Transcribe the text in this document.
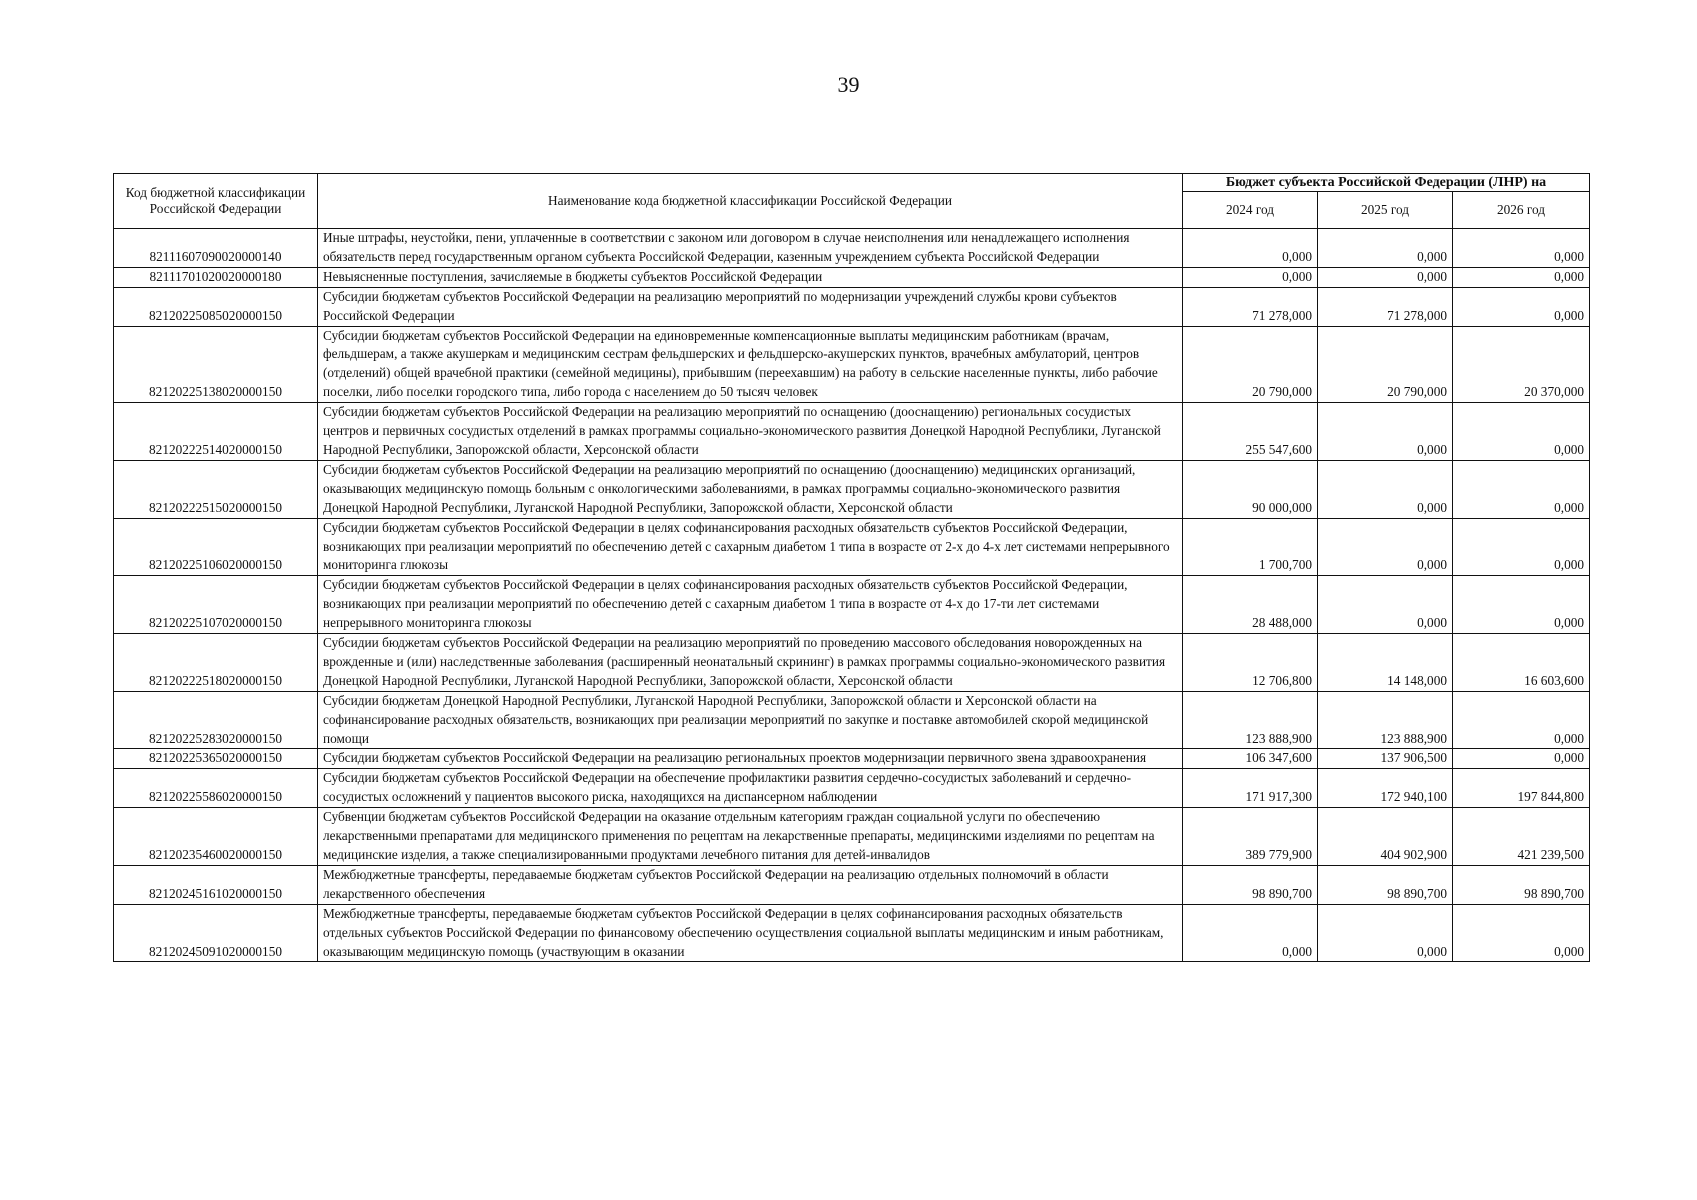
39
Код бюджетной классификации Российской Федерации	Наименование кода бюджетной классификации Российской Федерации	Бюджет субъекта Российской Федерации (ЛНР) на		
		2024 год	2025 год	2026 год
82111607090020000140	Иные штрафы, неустойки, пени, уплаченные в соответствии с законом или договором в случае неисполнения или ненадлежащего исполнения обязательств перед государственным органом субъекта Российской Федерации, казенным учреждением субъекта Российской Федерации	0,000	0,000	0,000
82111701020020000180	Невыясненные поступления, зачисляемые в бюджеты субъектов Российской Федерации	0,000	0,000	0,000
82120225085020000150	Субсидии бюджетам субъектов Российской Федерации на реализацию мероприятий по модернизации учреждений службы крови субъектов Российской Федерации	71 278,000	71 278,000	0,000
82120225138020000150	Субсидии бюджетам субъектов Российской Федерации на единовременные компенсационные выплаты медицинским работникам (врачам, фельдшерам, а также акушеркам и медицинским сестрам фельдшерских и фельдшерско-акушерских пунктов, врачебных амбулаторий, центров (отделений) общей врачебной практики (семейной медицины), прибывшим (переехавшим) на работу в сельские населенные пункты, либо рабочие поселки, либо поселки городского типа, либо города с населением до 50 тысяч человек	20 790,000	20 790,000	20 370,000
82120222514020000150	Субсидии бюджетам субъектов Российской Федерации на реализацию мероприятий по оснащению (дооснащению) региональных сосудистых центров и первичных сосудистых отделений в рамках программы социально-экономического развития Донецкой Народной Республики, Луганской Народной Республики, Запорожской области, Херсонской области	255 547,600	0,000	0,000
82120222515020000150	Субсидии бюджетам субъектов Российской Федерации на реализацию мероприятий по оснащению (дооснащению) медицинских организаций, оказывающих медицинскую помощь больным с онкологическими заболеваниями, в рамках программы социально-экономического развития Донецкой Народной Республики, Луганской Народной Республики, Запорожской области, Херсонской области	90 000,000	0,000	0,000
82120225106020000150	Субсидии бюджетам субъектов Российской Федерации в целях софинансирования расходных обязательств субъектов Российской Федерации, возникающих при реализации мероприятий по обеспечению детей с сахарным диабетом 1 типа в возрасте от 2-х до 4-х лет системами непрерывного мониторинга глюкозы	1 700,700	0,000	0,000
82120225107020000150	Субсидии бюджетам субъектов Российской Федерации в целях софинансирования расходных обязательств субъектов Российской Федерации, возникающих при реализации мероприятий по обеспечению детей с сахарным диабетом 1 типа в возрасте от 4-х до 17-ти лет системами непрерывного мониторинга глюкозы	28 488,000	0,000	0,000
82120222518020000150	Субсидии бюджетам субъектов Российской Федерации на реализацию мероприятий по проведению массового обследования новорожденных на врожденные и (или) наследственные заболевания (расширенный неонатальный скрининг) в рамках программы социально-экономического развития Донецкой Народной Республики, Луганской Народной Республики, Запорожской области, Херсонской области	12 706,800	14 148,000	16 603,600
82120225283020000150	Субсидии бюджетам Донецкой Народной Республики, Луганской Народной Республики, Запорожской области и Херсонской области на софинансирование расходных обязательств, возникающих при реализации мероприятий по закупке и поставке автомобилей скорой медицинской помощи	123 888,900	123 888,900	0,000
82120225365020000150	Субсидии бюджетам субъектов Российской Федерации на реализацию региональных проектов модернизации первичного звена здравоохранения	106 347,600	137 906,500	0,000
82120225586020000150	Субсидии бюджетам субъектов Российской Федерации на обеспечение профилактики развития сердечно-сосудистых заболеваний и сердечно-сосудистых осложнений у пациентов высокого риска, находящихся на диспансерном наблюдении	171 917,300	172 940,100	197 844,800
82120235460020000150	Субвенции бюджетам субъектов Российской Федерации на оказание отдельным категориям граждан социальной услуги по обеспечению лекарственными препаратами для медицинского применения по рецептам на лекарственные препараты, медицинскими изделиями по рецептам на медицинские изделия, а также специализированными продуктами лечебного питания для детей-инвалидов	389 779,900	404 902,900	421 239,500
82120245161020000150	Межбюджетные трансферты, передаваемые бюджетам субъектов Российской Федерации на реализацию отдельных полномочий в области лекарственного обеспечения	98 890,700	98 890,700	98 890,700
82120245091020000150	Межбюджетные трансферты, передаваемые бюджетам субъектов Российской Федерации в целях софинансирования расходных обязательств отдельных субъектов Российской Федерации по финансовому обеспечению осуществления социальной выплаты медицинским и иным работникам, оказывающим медицинскую помощь (участвующим в оказании	0,000	0,000	0,000
